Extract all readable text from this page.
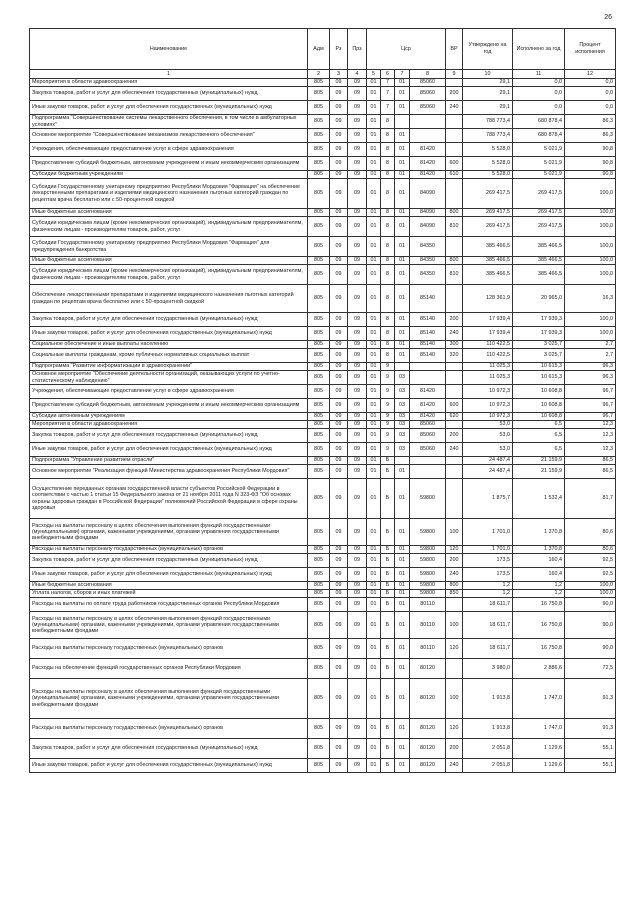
26
Наименование	Адм	Рз	Прз	Цср				ВР	Утверждено на год	Исполнено за год	Процент исполнения
1	2	3	4	5	6	7	8	9	10	11	12
Мероприятия в области здравоохранения	805	09	09	01	7	01	85060		29,1	0,0	0,0
Закупка товаров, работ и услуг для обеспечения государственных (муниципальных) нужд	805	09	09	01	7	01	85060	200	29,1	0,0	0,0
Иные закупки товаров, работ и услуг для обеспечения государственных (муниципальных) нужд	805	09	09	01	7	01	85060	240	29,1	0,0	0,0
Подпрограмма "Совершенствование системы лекарственного обеспечения, в том числе в амбулаторных условиях"	805	09	09	01	8				788 773,4	680 878,4	86,3
Основное мероприятие "Совершенствование механизмов лекарственного обеспечения"	805	09	09	01	8	01			788 773,4	680 878,4	86,3
Учреждения, обеспечивающие предоставление услуг в сфере здравоохранения	805	09	09	01	8	01	81420		5 528,0	5 021,9	90,8
Предоставление субсидий бюджетным, автономным учреждениям и иным некоммерческим организациям	805	09	09	01	8	01	81420	600	5 528,0	5 021,9	90,8
Субсидии бюджетным учреждениям	805	09	09	01	8	01	81420	610	5 528,0	5 021,9	90,8
Субсидии Государственному унитарному предприятию Республики Мордовия "Фармация" на обеспечение лекарственными препаратами и изделиями медицинского назначения льготных категорий граждан по рецептам врача бесплатно или с 50-процентной скидкой	805	09	09	01	8	01	84090		269 417,5	269 417,5	100,0
Иные бюджетные ассигнования	805	09	09	01	8	01	84090	800	269 417,5	269 417,5	100,0
Субсидии юридическим лицам (кроме некоммерческих организаций), индивидуальным предпринимателям, физическим лицам - производителям товаров, работ, услуг	805	09	09	01	8	01	84090	810	269 417,5	269 417,5	100,0
Субсидии Государственному унитарному предприятию Республики Мордовия "Фармация" для предупреждения банкротства	805	09	09	01	8	01	84350		385 466,5	385 466,5	100,0
Иные бюджетные ассигнования	805	09	09	01	8	01	84350	800	385 466,5	385 466,5	100,0
Субсидии юридическим лицам (кроме некоммерческих организаций), индивидуальным предпринимателям, физическим лицам - производителям товаров, работ, услуг	805	09	09	01	8	01	84350	810	385 466,5	385 466,5	100,0
Обеспечение лекарственными препаратами и изделиями медицинского назначения льготных категорий граждан по рецептам врача бесплатно или с 50-процентной скидкой	805	09	09	01	8	01	85140		128 361,9	20 965,0	16,3
Закупка товаров, работ и услуг для обеспечения государственных (муниципальных) нужд	805	09	09	01	8	01	85140	200	17 939,4	17 939,3	100,0
Иные закупки товаров, работ и услуг для обеспечения государственных (муниципальных) нужд	805	09	09	01	8	01	85140	240	17 939,4	17 939,3	100,0
Социальное обеспечение и иные выплаты населению	805	09	09	01	8	01	85140	300	110 422,5	3 025,7	2,7
Социальные выплаты гражданам, кроме публичных нормативных социальных выплат	805	09	09	01	8	01	85140	320	110 422,5	3 025,7	2,7
Подпрограмма "Развитие информатизации в здравоохранении"	805	09	09	01	9				11 025,3	10 615,3	96,3
Основное мероприятие "Обеспечение деятельности организаций, оказывающих услуги по учетно-статистическому наблюдению"	805	09	09	01	9	03			11 025,3	10 615,3	96,3
Учреждения, обеспечивающие предоставление услуг в сфере здравоохранения	805	09	09	01	9	03	81420		10 972,3	10 608,8	96,7
Предоставление субсидий бюджетным, автономным учреждениям и иным некоммерческим организациям	805	09	09	01	9	03	81420	600	10 972,3	10 608,8	96,7
Субсидии автономным учреждениям	805	09	09	01	9	03	81420	620	10 972,3	10 608,8	96,7
Мероприятия в области здравоохранения	805	09	09	01	9	03	85060		53,0	6,5	12,3
Закупка товаров, работ и услуг для обеспечения государственных (муниципальных) нужд	805	09	09	01	9	03	85060	200	53,0	6,5	12,3
Иные закупки товаров, работ и услуг для обеспечения государственных (муниципальных) нужд	805	09	09	01	9	03	85060	240	53,0	6,5	12,3
Подпрограмма "Управление развитием отрасли"	805	09	09	01	Б				24 487,4	21 159,9	86,5
Основное мероприятие "Реализация функций Министерства здравоохранения Республики Мордовия"	805	09	09	01	Б	01			24 487,4	21 159,9	86,5
Осуществление переданных органам государственной власти субъектов Российской Федерации в соответствии с частью 1 статьи 15 Федерального закона от 21 ноября 2011 года N 323-ФЗ "Об основах охраны здоровья граждан в Российской Федерации" полномочий Российской Федерации в сфере охраны здоровья	805	09	09	01	Б	01	59800		1 875,7	1 532,4	81,7
Расходы на выплаты персоналу в целях обеспечения выполнения функций государственными (муниципальными) органами, казенными учреждениями, органами управления государственными внебюджетными фондами	805	09	09	01	Б	01	59800	100	1 701,0	1 370,8	80,6
Расходы на выплаты персоналу государственных (муниципальных) органов	805	09	09	01	Б	01	59800	120	1 701,0	1 370,8	80,6
Закупка товаров, работ и услуг для обеспечения государственных (муниципальных) нужд	805	09	09	01	Б	01	59800	200	173,5	160,4	92,5
Иные закупки товаров, работ и услуг для обеспечения государственных (муниципальных) нужд	805	09	09	01	Б	01	59800	240	173,5	160,4	92,5
Иные бюджетные ассигнования	805	09	09	01	Б	01	59800	800	1,2	1,2	100,0
Уплата налогов, сборов и иных платежей	805	09	09	01	Б	01	59800	850	1,2	1,2	100,0
Расходы на выплаты по оплате труда работников государственных органов Республики Мордовия	805	09	09	01	Б	01	80110		18 611,7	16 750,8	90,0
Расходы на выплаты персоналу в целях обеспечения выполнения функций государственными (муниципальными) органами, казенными учреждениями, органами управления государственными внебюджетными фондами	805	09	09	01	Б	01	80110	100	18 611,7	16 750,8	90,0
Расходы на выплаты персоналу государственных (муниципальных) органов	805	09	09	01	Б	01	80110	120	18 611,7	16 750,8	90,0
Расходы на обеспечение функций государственных органов Республики Мордовия	805	09	09	01	Б	01	80120		3 980,0	2 886,6	72,5
Расходы на выплаты персоналу в целях обеспечения выполнения функций государственными (муниципальными) органами, казенными учреждениями, органами управления государственными внебюджетными фондами	805	09	09	01	Б	01	80120	100	1 913,8	1 747,0	91,3
Расходы на выплаты персоналу государственных (муниципальных) органов	805	09	09	01	Б	01	80120	120	1 913,8	1 747,0	91,3
Закупка товаров, работ и услуг для обеспечения государственных (муниципальных) нужд	805	09	09	01	Б	01	80120	200	2 051,8	1 129,6	55,1
Иные закупки товаров, работ и услуг для обеспечения государственных (муниципальных) нужд	805	09	09	01	Б	01	80120	240	2 051,8	1 129,6	55,1
